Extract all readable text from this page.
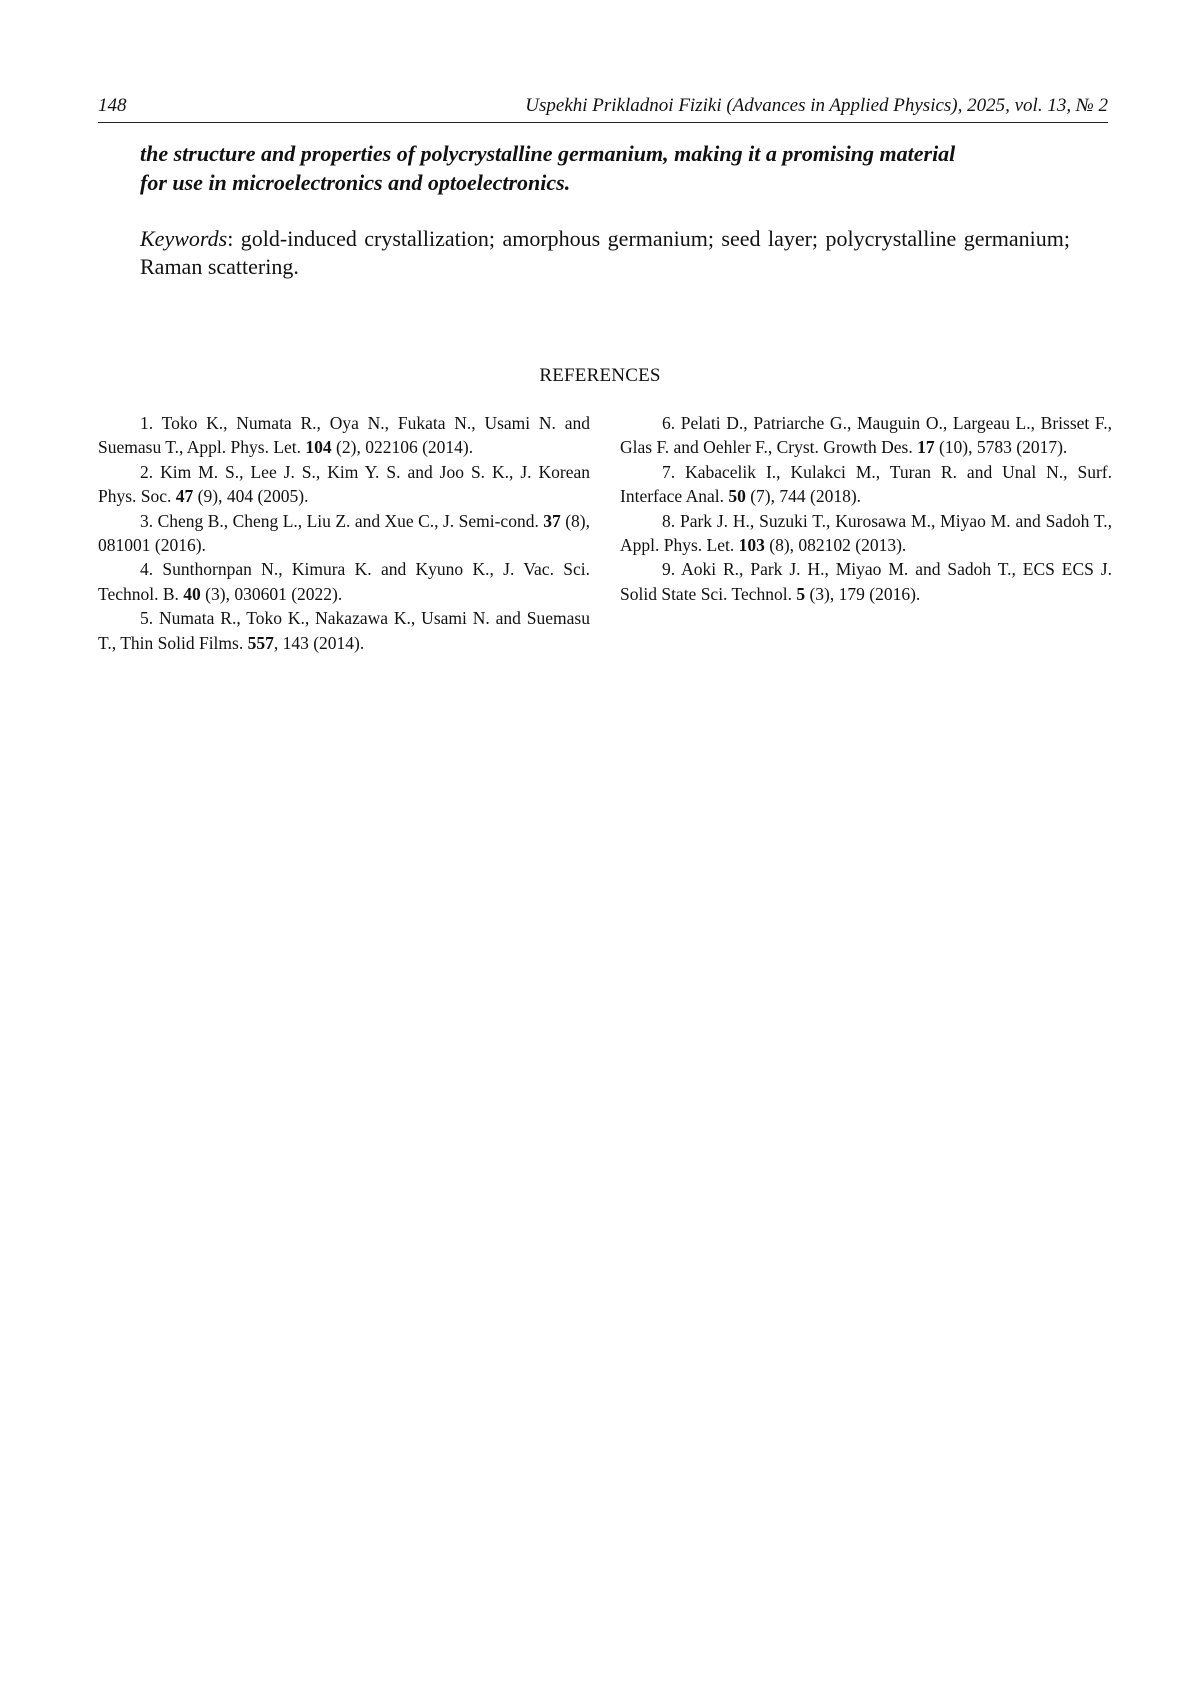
148	Uspekhi Prikladnoi Fiziki (Advances in Applied Physics), 2025, vol. 13, № 2
the structure and properties of polycrystalline germanium, making it a promising material
for use in microelectronics and optoelectronics.
Keywords: gold-induced crystallization; amorphous germanium; seed layer; polycrystalline germanium; Raman scattering.
REFERENCES

1. Toko K., Numata R., Oya N., Fukata N., Usami N. and Suemasu T., Appl. Phys. Let. 104 (2), 022106 (2014).

2. Kim M. S., Lee J. S., Kim Y. S. and Joo S. K., J. Korean Phys. Soc. 47 (9), 404 (2005).

3. Cheng B., Cheng L., Liu Z. and Xue C., J. Semi-cond. 37 (8), 081001 (2016).

4. Sunthornpan N., Kimura K. and Kyuno K., J. Vac. Sci. Technol. B. 40 (3), 030601 (2022).

5. Numata R., Toko K., Nakazawa K., Usami N. and Suemasu T., Thin Solid Films. 557, 143 (2014).

6. Pelati D., Patriarche G., Mauguin O., Largeau L., Brisset F., Glas F. and Oehler F., Cryst. Growth Des. 17 (10), 5783 (2017).

7. Kabacelik I., Kulakci M., Turan R. and Unal N., Surf. Interface Anal. 50 (7), 744 (2018).

8. Park J. H., Suzuki T., Kurosawa M., Miyao M. and Sadoh T., Appl. Phys. Let. 103 (8), 082102 (2013).

9. Aoki R., Park J. H., Miyao M. and Sadoh T., ECS ECS J. Solid State Sci. Technol. 5 (3), 179 (2016).
